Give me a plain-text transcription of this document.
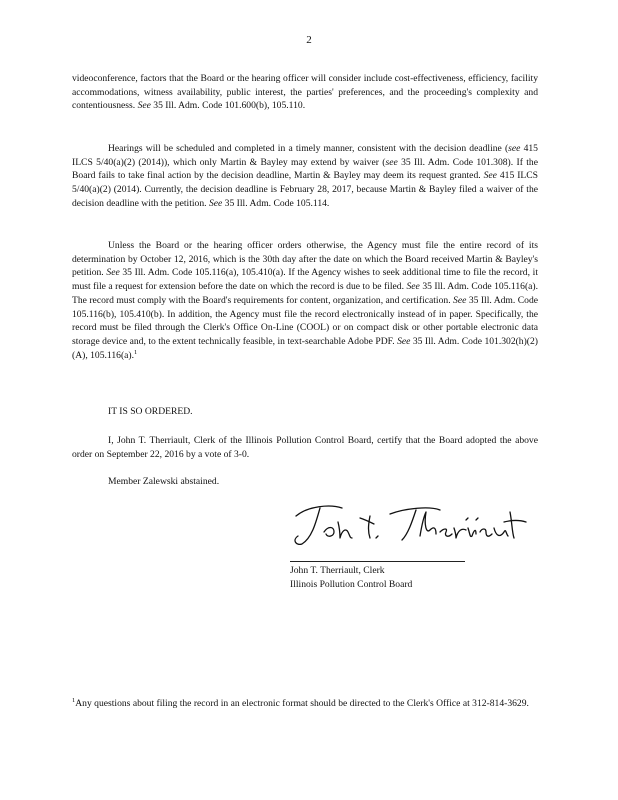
2

videoconference, factors that the Board or the hearing officer will consider include cost-effectiveness, efficiency, facility accommodations, witness availability, public interest, the parties' preferences, and the proceeding's complexity and contentiousness. See 35 Ill. Adm. Code 101.600(b), 105.110.

Hearings will be scheduled and completed in a timely manner, consistent with the decision deadline (see 415 ILCS 5/40(a)(2) (2014)), which only Martin & Bayley may extend by waiver (see 35 Ill. Adm. Code 101.308). If the Board fails to take final action by the decision deadline, Martin & Bayley may deem its request granted. See 415 ILCS 5/40(a)(2) (2014). Currently, the decision deadline is February 28, 2017, because Martin & Bayley filed a waiver of the decision deadline with the petition. See 35 Ill. Adm. Code 105.114.

Unless the Board or the hearing officer orders otherwise, the Agency must file the entire record of its determination by October 12, 2016, which is the 30th day after the date on which the Board received Martin & Bayley's petition. See 35 Ill. Adm. Code 105.116(a), 105.410(a). If the Agency wishes to seek additional time to file the record, it must file a request for extension before the date on which the record is due to be filed. See 35 Ill. Adm. Code 105.116(a). The record must comply with the Board's requirements for content, organization, and certification. See 35 Ill. Adm. Code 105.116(b), 105.410(b). In addition, the Agency must file the record electronically instead of in paper. Specifically, the record must be filed through the Clerk's Office On-Line (COOL) or on compact disk or other portable electronic data storage device and, to the extent technically feasible, in text-searchable Adobe PDF. See 35 Ill. Adm. Code 101.302(h)(2)(A), 105.116(a).$^1$

IT IS SO ORDERED.

I, John T. Therriault, Clerk of the Illinois Pollution Control Board, certify that the Board adopted the above order on September 22, 2016 by a vote of 3-0.

Member Zalewski abstained.

John T. Therriault, Clerk
Illinois Pollution Control Board

$^1$Any questions about filing the record in an electronic format should be directed to the Clerk's Office at 312-814-3629.
